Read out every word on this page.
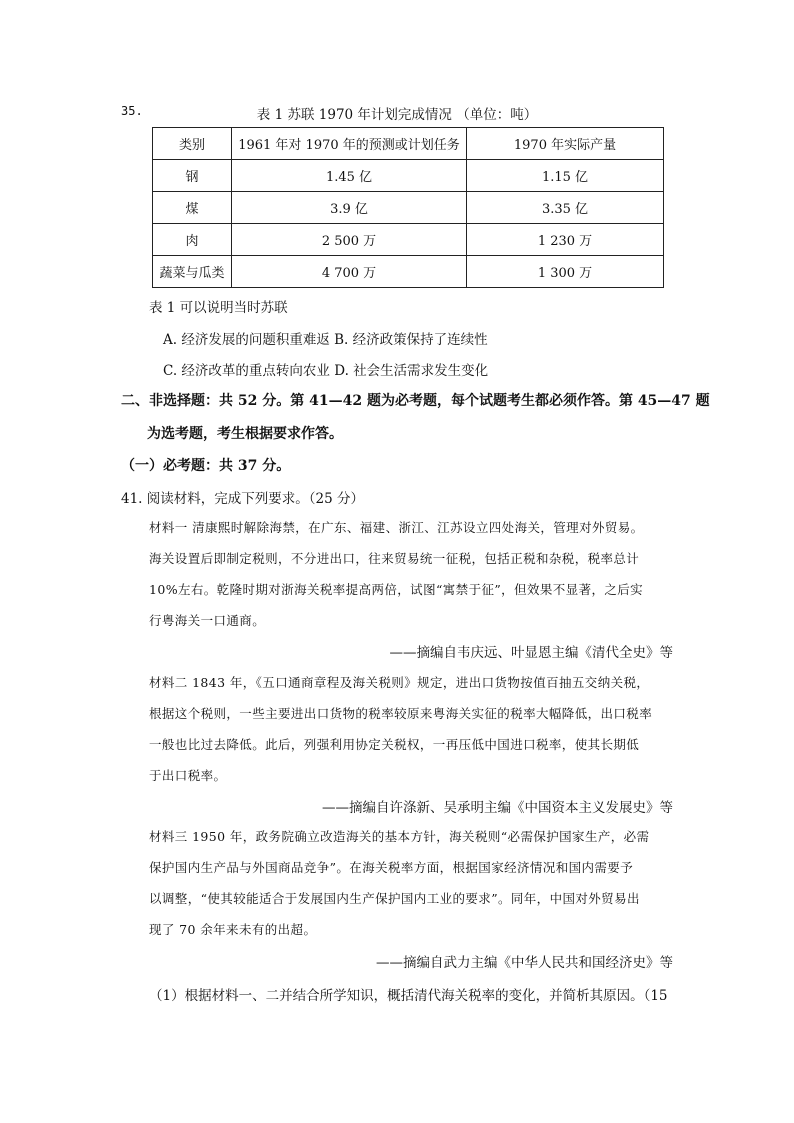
35.	表 1 苏联 1970 年计划完成情况 （单位：吨）
类别	1961 年对 1970 年的预测或计划任务	1970 年实际产量
钢	1.45 亿	1.15 亿
煤	3.9 亿	3.35 亿
肉	2 500 万	1 230 万
蔬菜与瓜类	4 700 万	1 300 万
表 1 可以说明当时苏联
A. 经济发展的问题积重难返 B. 经济政策保持了连续性
C. 经济改革的重点转向农业 D. 社会生活需求发生变化
二、非选择题：共 52 分。第 41—42 题为必考题，每个试题考生都必须作答。第 45—47 题
为选考题，考生根据要求作答。
（一）必考题：共 37 分。
41. 阅读材料，完成下列要求。（25 分）
材料一 清康熙时解除海禁，在广东、福建、浙江、江苏设立四处海关，管理对外贸易。
海关设置后即制定税则，不分进出口，往来贸易统一征税，包括正税和杂税，税率总计
10%左右。乾隆时期对浙海关税率提高两倍，试图“寓禁于征”，但效果不显著，之后实
行粤海关一口通商。
——摘编自韦庆远、叶显恩主编《清代全史》等
材料二 1843 年，《五口通商章程及海关税则》规定，进出口货物按值百抽五交纳关税，
根据这个税则，一些主要进出口货物的税率较原来粤海关实征的税率大幅降低，出口税率
一般也比过去降低。此后，列强利用协定关税权，一再压低中国进口税率，使其长期低
于出口税率。
——摘编自许涤新、吴承明主编《中国资本主义发展史》等
材料三 1950 年，政务院确立改造海关的基本方针，海关税则“必需保护国家生产，必需
保护国内生产品与外国商品竞争”。在海关税率方面，根据国家经济情况和国内需要予
以调整，“使其较能适合于发展国内生产保护国内工业的要求”。同年，中国对外贸易出
现了 70 余年来未有的出超。
——摘编自武力主编《中华人民共和国经济史》等
（1）根据材料一、二并结合所学知识，概括清代海关税率的变化，并简析其原因。（15
